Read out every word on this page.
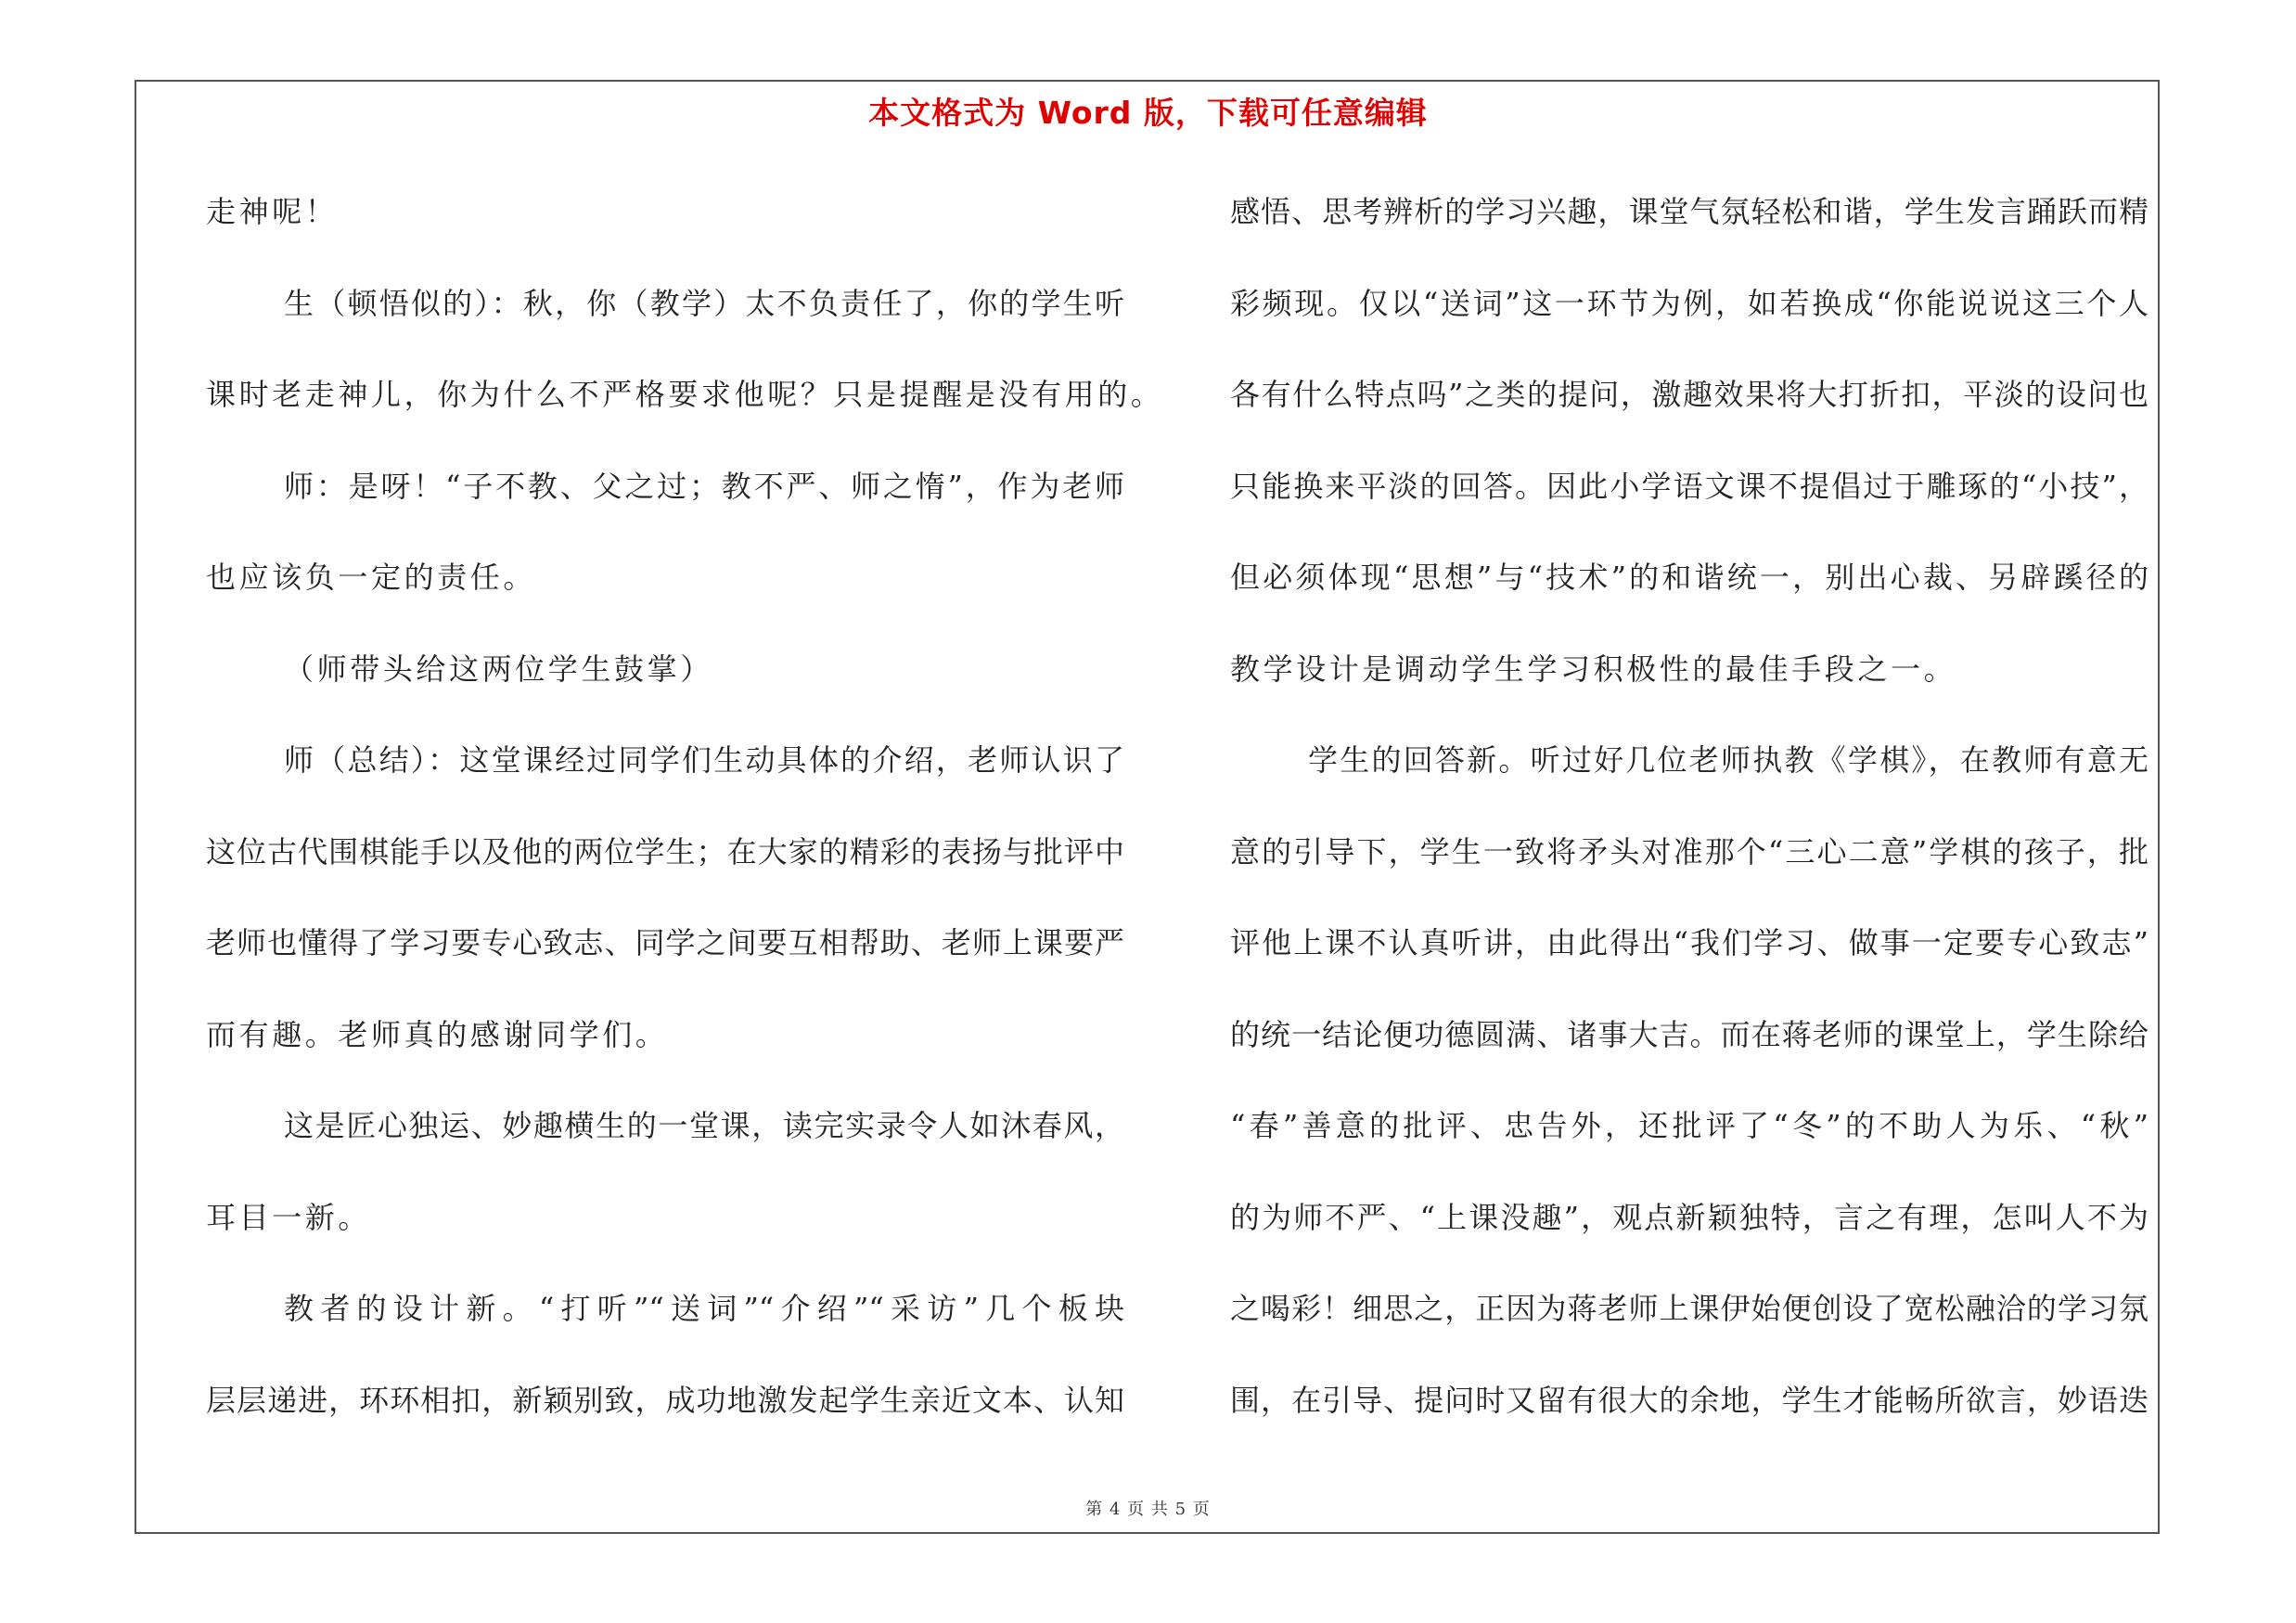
本文格式为 Word 版，下载可任意编辑
走神呢！
生（顿悟似的）：秋，你（教学）太不负责任了，你的学生听
课时老走神儿，你为什么不严格要求他呢？只是提醒是没有用的。
师：是呀！“子不教、父之过；教不严、师之惰”，作为老师
也应该负一定的责任。
（师带头给这两位学生鼓掌）
师（总结）：这堂课经过同学们生动具体的介绍，老师认识了
这位古代围棋能手以及他的两位学生；在大家的精彩的表扬与批评中
老师也懂得了学习要专心致志、同学之间要互相帮助、老师上课要严
而有趣。老师真的感谢同学们。
这是匠心独运、妙趣横生的一堂课，读完实录令人如沐春风，
耳目一新。
教者的设计新。“打听”“送词”“介绍”“采访”几个板块
层层递进，环环相扣，新颖别致，成功地激发起学生亲近文本、认知
感悟、思考辨析的学习兴趣，课堂气氛轻松和谐，学生发言踊跃而精
彩频现。仅以“送词”这一环节为例，如若换成“你能说说这三个人
各有什么特点吗”之类的提问，激趣效果将大打折扣，平淡的设问也
只能换来平淡的回答。因此小学语文课不提倡过于雕琢的“小技”，
但必须体现“思想”与“技术”的和谐统一，别出心裁、另辟蹊径的
教学设计是调动学生学习积极性的最佳手段之一。
学生的回答新。听过好几位老师执教《学棋》，在教师有意无
意的引导下，学生一致将矛头对准那个“三心二意”学棋的孩子，批
评他上课不认真听讲，由此得出“我们学习、做事一定要专心致志”
的统一结论便功德圆满、诸事大吉。而在蒋老师的课堂上，学生除给
“春”善意的批评、忠告外，还批评了“冬”的不助人为乐、“秋”
的为师不严、“上课没趣”，观点新颖独特，言之有理，怎叫人不为
之喝彩！细思之，正因为蒋老师上课伊始便创设了宽松融洽的学习氛
围，在引导、提问时又留有很大的余地，学生才能畅所欲言，妙语迭
第 4 页 共 5 页
